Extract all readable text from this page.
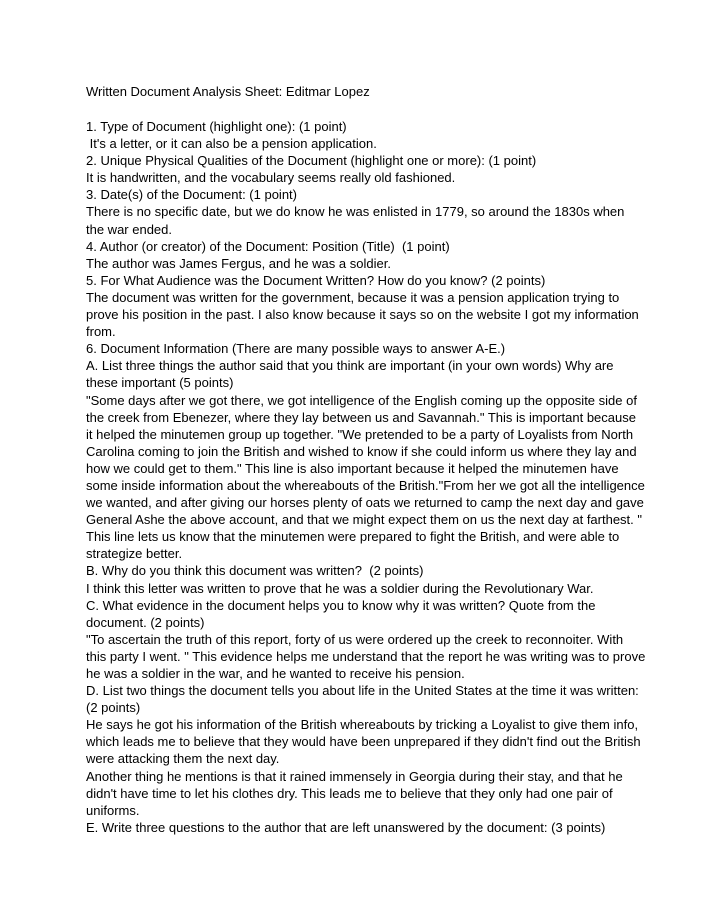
Written Document Analysis Sheet: Editmar Lopez

1. Type of Document (highlight one): (1 point)

It's a letter, or it can also be a pension application.

2. Unique Physical Qualities of the Document (highlight one or more): (1 point)

It is handwritten, and the vocabulary seems really old fashioned.

3. Date(s) of the Document: (1 point)

There is no specific date, but we do know he was enlisted in 1779, so around the 1830s when the war ended.

4. Author (or creator) of the Document: Position (Title)  (1 point)

The author was James Fergus, and he was a soldier.

5. For What Audience was the Document Written? How do you know? (2 points)

The document was written for the government, because it was a pension application trying to prove his position in the past. I also know because it says so on the website I got my information from.

6. Document Information (There are many possible ways to answer A-E.)

A. List three things the author said that you think are important (in your own words) Why are these important (5 points)

"Some days after we got there, we got intelligence of the English coming up the opposite side of the creek from Ebenezer, where they lay between us and Savannah." This is important because it helped the minutemen group up together. "We pretended to be a party of Loyalists from North Carolina coming to join the British and wished to know if she could inform us where they lay and how we could get to them." This line is also important because it helped the minutemen have some inside information about the whereabouts of the British."From her we got all the intelligence we wanted, and after giving our horses plenty of oats we returned to camp the next day and gave General Ashe the above account, and that we might expect them on us the next day at farthest. " This line lets us know that the minutemen were prepared to fight the British, and were able to strategize better.

B. Why do you think this document was written?  (2 points)

I think this letter was written to prove that he was a soldier during the Revolutionary War.

C. What evidence in the document helps you to know why it was written? Quote from the document. (2 points)

"To ascertain the truth of this report, forty of us were ordered up the creek to reconnoiter. With this party I went. " This evidence helps me understand that the report he was writing was to prove he was a soldier in the war, and he wanted to receive his pension.

D. List two things the document tells you about life in the United States at the time it was written: (2 points)

He says he got his information of the British whereabouts by tricking a Loyalist to give them info, which leads me to believe that they would have been unprepared if they didn't find out the British were attacking them the next day.

Another thing he mentions is that it rained immensely in Georgia during their stay, and that he didn't have time to let his clothes dry. This leads me to believe that they only had one pair of uniforms.

E. Write three questions to the author that are left unanswered by the document: (3 points)
